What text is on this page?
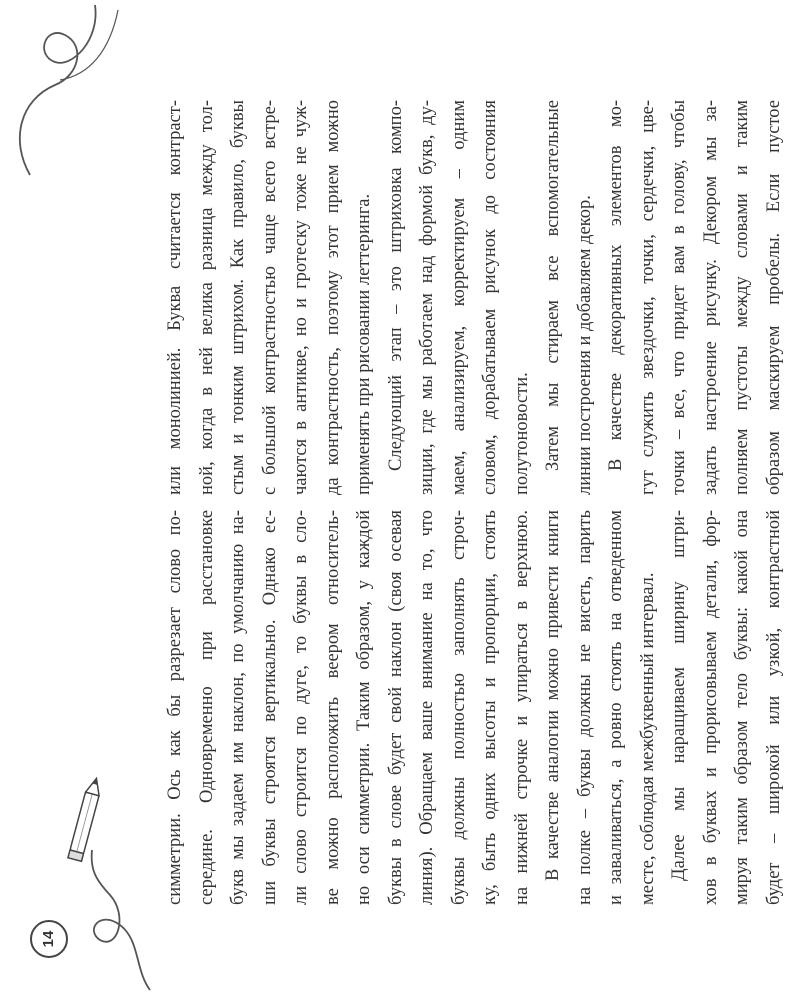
14
симметрии. Ось как бы разрезает слово по- середине. Одновременно при расстановке букв мы задаем им наклон, по умолчанию на- ши буквы строятся вертикально. Однако ес- ли слово строится по дуге, то буквы в сло- ве можно расположить веером относитель- но оси симметрии. Таким образом, у каждой буквы в слове будет свой наклон (своя осевая линия). Обращаем ваше внимание на то, что буквы должны полностью заполнять строч- ку, быть одних высоты и пропорции, стоять на нижней строчке и упираться в верхнюю. В качестве аналогии можно привести книги на полке – буквы должны не висеть, парить и заваливаться, а ровно стоять на отведенном месте, соблюдая межбуквенный интервал. Далее мы наращиваем ширину штри- хов в буквах и прорисовываем детали, фор- мируя таким образом тело буквы: какой она будет – широкой или узкой, контрастной
или монолинией. Буква считается контраст- ной, когда в ней велика разница между тол- стым и тонким штрихом. Как правило, буквы с большой контрастностью чаще всего встре- чаются в антикве, но и гротеску тоже не чуж- да контрастность, поэтому этот прием можно применять при рисовании леттеринга. Следующий этап – это штриховка компо- зиции, где мы работаем над формой букв, ду- маем, анализируем, корректируем – одним словом, дорабатываем рисунок до состояния полутоновости. Затем мы стираем все вспомогательные линии построения и добавляем декор. В качестве декоративных элементов мо- гут служить звездочки, точки, сердечки, цве- точки – все, что придет вам в голову, чтобы задать настроение рисунку. Декором мы за- полняем пустоты между словами и таким образом маскируем пробелы. Если пустое
